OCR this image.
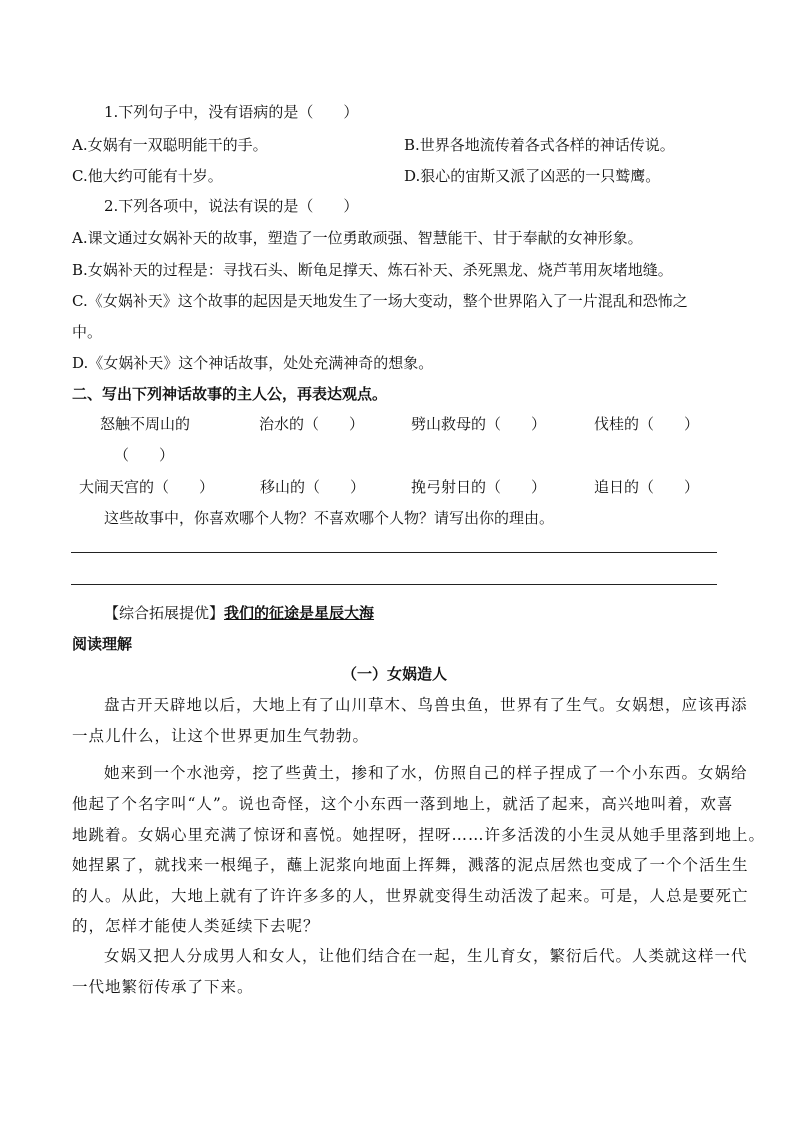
1.下列句子中，没有语病的是（　　）
A.女娲有一双聪明能干的手。	B.世界各地流传着各式各样的神话传说。
C.他大约可能有十岁。	D.狠心的宙斯又派了凶恶的一只鹫鹰。
2.下列各项中，说法有误的是（　　）
A.课文通过女娲补天的故事，塑造了一位勇敢顽强、智慧能干、甘于奉献的女神形象。
B.女娲补天的过程是：寻找石头、断龟足撑天、炼石补天、杀死黑龙、烧芦苇用灰堵地缝。
C.《女娲补天》这个故事的起因是天地发生了一场大变动，整个世界陷入了一片混乱和恐怖之
中。
D.《女娲补天》这个神话故事，处处充满神奇的想象。
二、写出下列神话故事的主人公，再表达观点。
怒触不周山的	治水的（　　）	劈山救母的（　　）	伐桂的（　　）
（　　）
大闹天宫的（　　）	移山的（　　）	挽弓射日的（　　）	追日的（　　）
这些故事中，你喜欢哪个人物？不喜欢哪个人物？请写出你的理由。
【综合拓展提优】我们的征途是星辰大海
阅读理解
（一）女娲造人
盘古开天辟地以后，大地上有了山川草木、鸟兽虫鱼，世界有了生气。女娲想，应该再添
一点儿什么，让这个世界更加生气勃勃。
她来到一个水池旁，挖了些黄土，掺和了水，仿照自己的样子捏成了一个小东西。女娲给
他起了个名字叫“人”。说也奇怪，这个小东西一落到地上，就活了起来，高兴地叫着，欢喜
地跳着。女娲心里充满了惊讶和喜悦。她捏呀，捏呀……许多活泼的小生灵从她手里落到地上。
她捏累了，就找来一根绳子，蘸上泥浆向地面上挥舞，溅落的泥点居然也变成了一个个活生生
的人。从此，大地上就有了许许多多的人，世界就变得生动活泼了起来。可是，人总是要死亡
的，怎样才能使人类延续下去呢？
女娲又把人分成男人和女人，让他们结合在一起，生儿育女，繁衍后代。人类就这样一代
一代地繁衍传承了下来。
